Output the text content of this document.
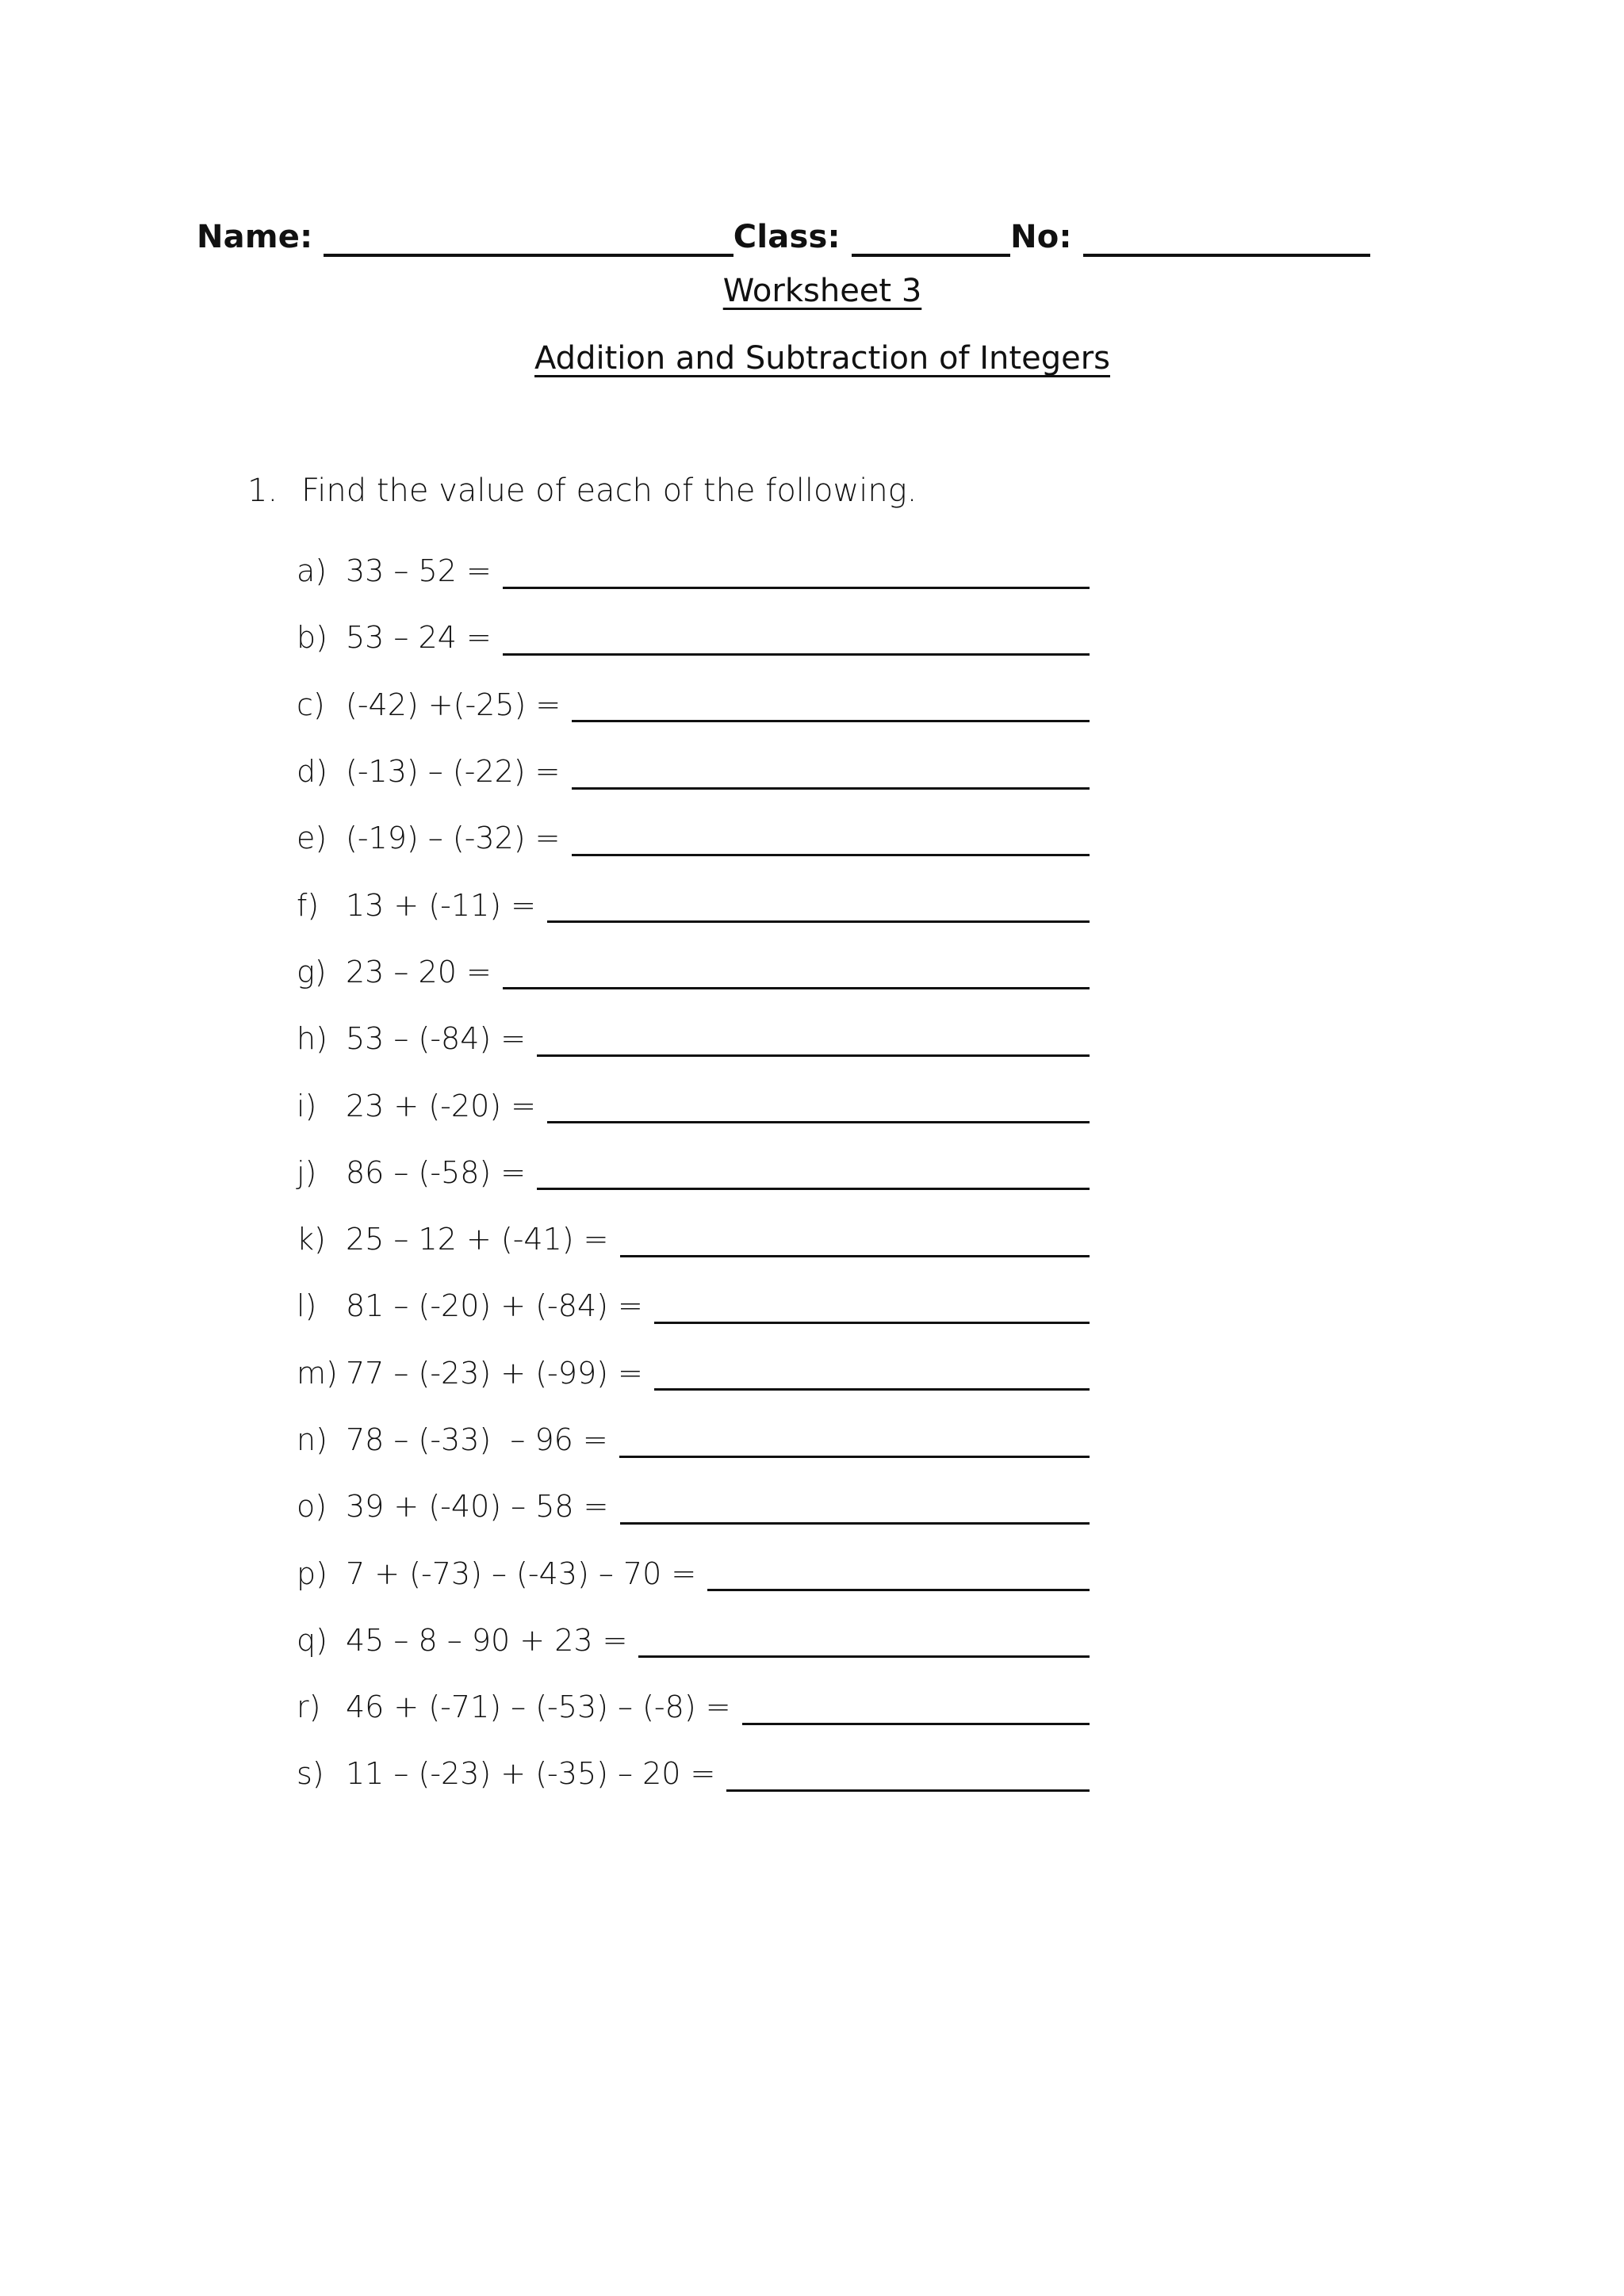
Name:	Class:	No:
Worksheet 3
Addition and Subtraction of Integers
1. Find the value of each of the following.
a) 33 – 52 =
b) 53 – 24 =
c) (-42) +(-25) =
d) (-13) – (-22) =
e) (-19) – (-32) =
f) 13 + (-11) =
g) 23 – 20 =
h) 53 – (-84) =
i) 23 + (-20) =
j) 86 – (-58) =
k) 25 – 12 + (-41) =
l) 81 – (-20) + (-84) =
m) 77 – (-23) + (-99) =
n) 78 – (-33)  – 96 =
o) 39 + (-40) – 58 =
p) 7 + (-73) – (-43) – 70 =
q) 45 – 8 – 90 + 23 =
r) 46 + (-71) – (-53) – (-8) =
s) 11 – (-23) + (-35) – 20 =
